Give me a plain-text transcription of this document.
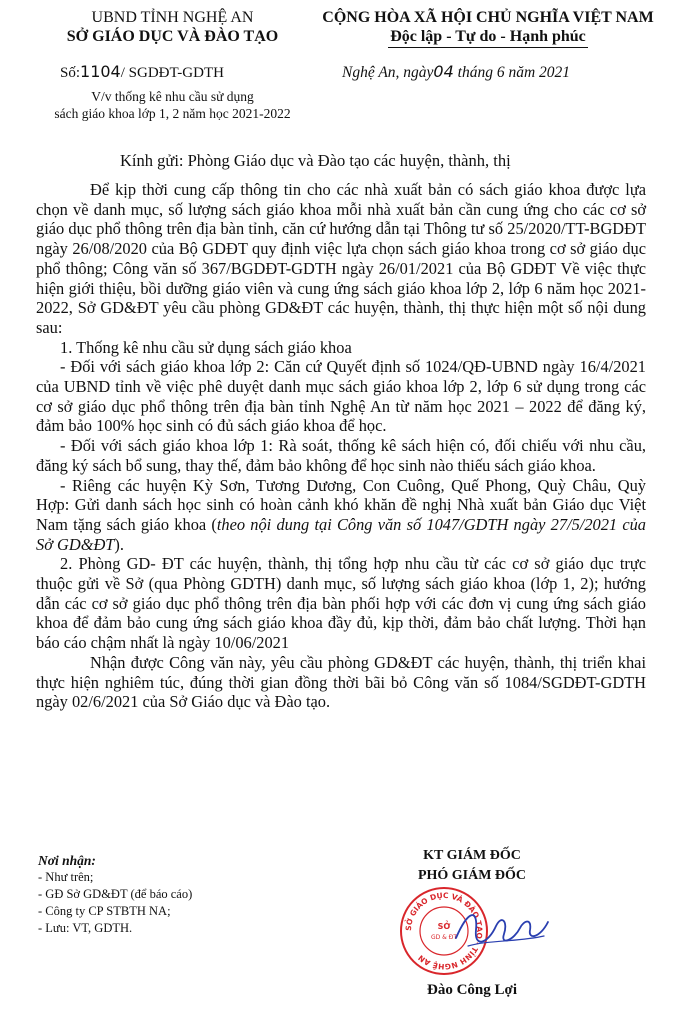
UBND TỈNH NGHỆ AN
SỞ GIÁO DỤC VÀ ĐÀO TẠO
Số:1104/ SGDĐT-GDTH
V/v thống kê nhu cầu sử dụng
sách giáo khoa lớp 1, 2 năm học 2021-2022
CỘNG HÒA XÃ HỘI CHỦ NGHĨA VIỆT NAM
Độc lập - Tự do - Hạnh phúc
Nghệ An, ngày04 tháng 6 năm 2021
Kính gửi: Phòng Giáo dục và Đào tạo các huyện, thành, thị

Để kịp thời cung cấp thông tin cho các nhà xuất bản có sách giáo khoa được lựa chọn về danh mục, số lượng sách giáo khoa mỗi nhà xuất bản cần cung ứng cho các cơ sở giáo dục phổ thông trên địa bàn tỉnh, căn cứ hướng dẫn tại Thông tư số 25/2020/TT-BGDĐT ngày 26/08/2020 của Bộ GDĐT quy định việc lựa chọn sách giáo khoa trong cơ sở giáo dục phổ thông; Công văn số 367/BGDĐT-GDTH ngày 26/01/2021 của Bộ GDĐT Về việc thực hiện giới thiệu, bồi dưỡng giáo viên và cung ứng sách giáo khoa lớp 2, lớp 6 năm học 2021-2022, Sở GD&ĐT yêu cầu phòng GD&ĐT các huyện, thành, thị thực hiện một số nội dung sau:

1. Thống kê nhu cầu sử dụng sách giáo khoa

- Đối với sách giáo khoa lớp 2: Căn cứ Quyết định số 1024/QĐ-UBND ngày 16/4/2021 của UBND tỉnh về việc phê duyệt danh mục sách giáo khoa lớp 2, lớp 6 sử dụng trong các cơ sở giáo dục phổ thông trên địa bàn tỉnh Nghệ An từ năm học 2021 – 2022 để đăng ký, đảm bảo 100% học sinh có đủ sách giáo khoa để học.

- Đối với sách giáo khoa lớp 1: Rà soát, thống kê sách hiện có, đối chiếu với nhu cầu, đăng ký sách bổ sung, thay thế, đảm bảo không để học sinh nào thiếu sách giáo khoa.

- Riêng các huyện Kỳ Sơn, Tương Dương, Con Cuông, Quế Phong, Quỳ Châu, Quỳ Hợp: Gửi danh sách học sinh có hoàn cảnh khó khăn đề nghị Nhà xuất bản Giáo dục Việt Nam tặng sách giáo khoa (theo nội dung tại Công văn số 1047/GDTH ngày 27/5/2021 của Sở GD&ĐT).

2. Phòng GD- ĐT các huyện, thành, thị tổng hợp nhu cầu từ các cơ sở giáo dục trực thuộc gửi về Sở (qua Phòng GDTH) danh mục, số lượng sách giáo khoa (lớp 1, 2); hướng dẫn các cơ sở giáo dục phổ thông trên địa bàn phối hợp với các đơn vị cung ứng sách giáo khoa để đảm bảo cung ứng sách giáo khoa đầy đủ, kịp thời, đảm bảo chất lượng. Thời hạn báo cáo chậm nhất là ngày 10/06/2021

Nhận được Công văn này, yêu cầu phòng GD&ĐT các huyện, thành, thị triển khai thực hiện nghiêm túc, đúng thời gian đồng thời bãi bỏ Công văn số 1084/SGDĐT-GDTH ngày 02/6/2021 của Sở Giáo dục và Đào tạo.

Nơi nhận:
- Như trên;
- GĐ Sở GD&ĐT (để báo cáo)
- Công ty CP STBTH NA;
- Lưu: VT, GDTH.
KT GIÁM ĐỐC
PHÓ GIÁM ĐỐC
SỞ GIÁO DỤC VÀ ĐÀO TẠO · TỈNH NGHỆ AN
SỞ
GD & ĐT
Đào Công Lợi
